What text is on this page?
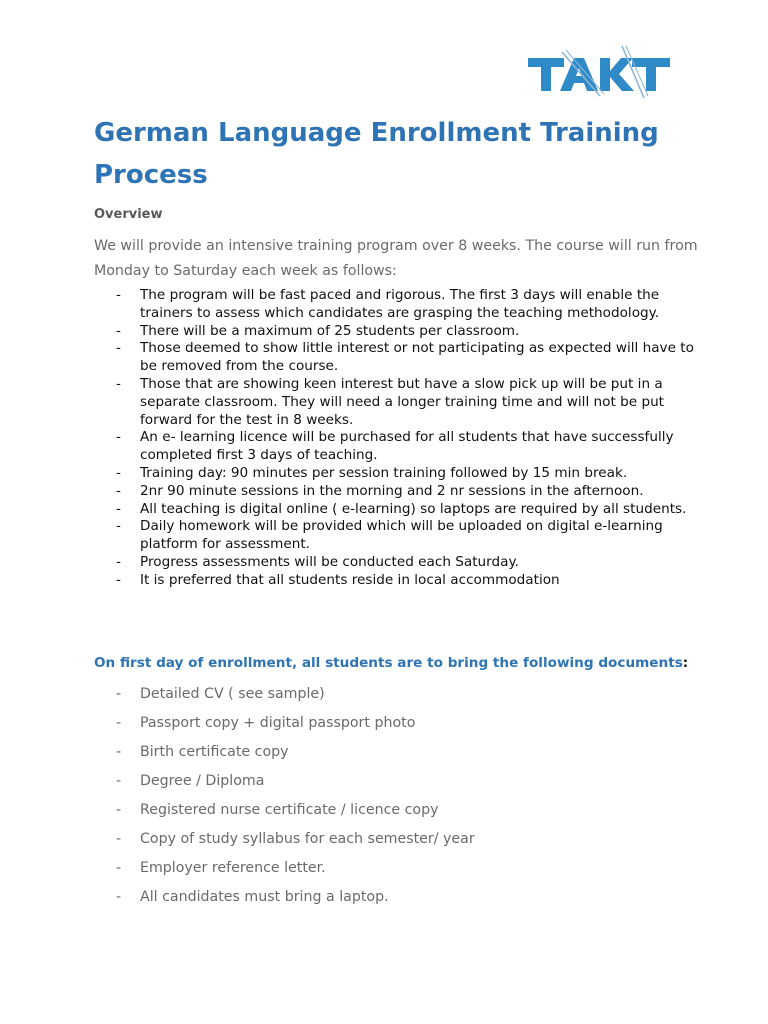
German Language Enrollment Training Process
Overview

We will provide an intensive training program over 8 weeks. The course will run from Monday to Saturday each week as follows:

- The program will be fast paced and rigorous. The first 3 days will enable the trainers to assess which candidates are grasping the teaching methodology.
- There will be a maximum of 25 students per classroom.
- Those deemed to show little interest or not participating as expected will have to be removed from the course.
- Those that are showing keen interest but have a slow pick up will be put in a separate classroom. They will need a longer training time and will not be put forward for the test in 8 weeks.
- An e- learning licence will be purchased for all students that have successfully completed first 3 days of teaching.
- Training day: 90 minutes per session training followed by 15 min break.
- 2nr 90 minute sessions in the morning and 2 nr sessions in the afternoon.
- All teaching is digital online ( e-learning) so laptops are required by all students.
- Daily homework will be provided which will be uploaded on digital e-learning platform for assessment.
- Progress assessments will be conducted each Saturday.
- It is preferred that all students reside in local accommodation
On first day of enrollment, all students are to bring the following documents:
- Detailed CV ( see sample)
- Passport copy + digital passport photo
- Birth certificate copy
- Degree / Diploma
- Registered nurse certificate / licence copy
- Copy of study syllabus for each semester/ year
- Employer reference letter.
- All candidates must bring a laptop.
